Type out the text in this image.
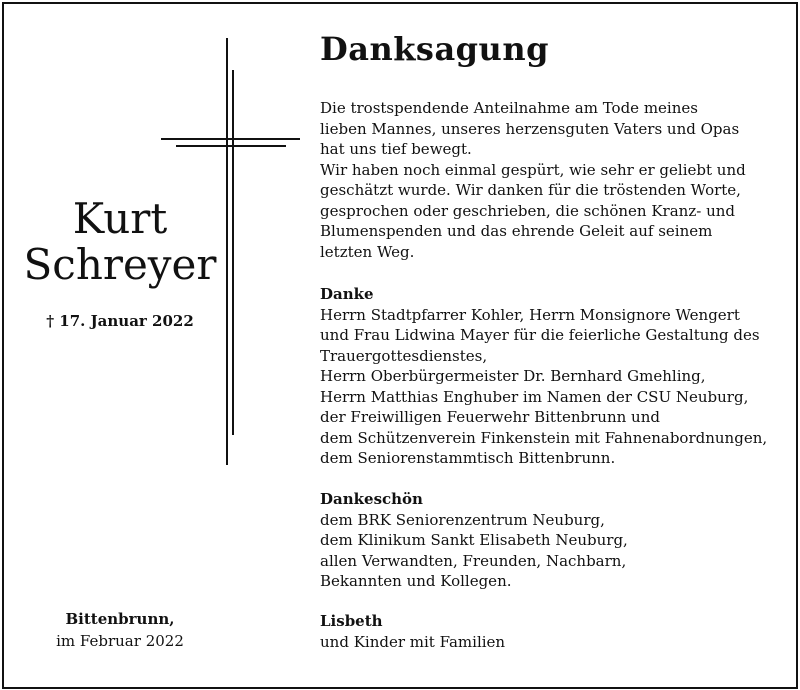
Kurt
Schreyer
† 17. Januar 2022
Bittenbrunn,
im Februar 2022
Danksagung
Die trostspendende Anteilnahme am Tode meines
lieben Mannes, unseres herzensguten Vaters und Opas
hat uns tief bewegt.
Wir haben noch einmal gespürt, wie sehr er geliebt und
geschätzt wurde. Wir danken für die tröstenden Worte,
gesprochen oder geschrieben, die schönen Kranz- und
Blumenspenden und das ehrende Geleit auf seinem
letzten Weg.
Danke
Herrn Stadtpfarrer Kohler, Herrn Monsignore Wengert
und Frau Lidwina Mayer für die feierliche Gestaltung des
Trauergottesdienstes,
Herrn Oberbürgermeister Dr. Bernhard Gmehling,
Herrn Matthias Enghuber im Namen der CSU Neuburg,
der Freiwilligen Feuerwehr Bittenbrunn und
dem Schützenverein Finkenstein mit Fahnenabordnungen,
dem Seniorenstammtisch Bittenbrunn.
Dankeschön
dem BRK Seniorenzentrum Neuburg,
dem Klinikum Sankt Elisabeth Neuburg,
allen Verwandten, Freunden, Nachbarn,
Bekannten und Kollegen.
Lisbeth
und Kinder mit Familien
